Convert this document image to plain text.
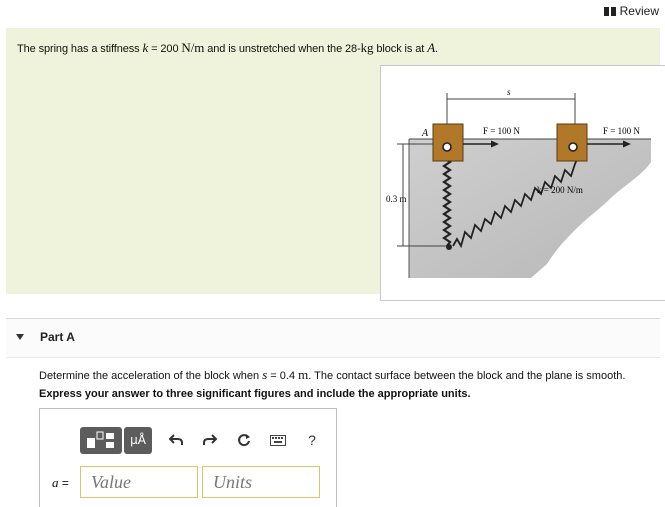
Review
The spring has a stiffness k = 200 N/m and is unstretched when the 28-kg block is at A.
0.3 m
s
k = 200 N/m
A	F = 100 N	F = 100 N
Part A
Determine the acceleration of the block when s = 0.4 m. The contact surface between the block and the plane is smooth.
Express your answer to three significant figures and include the appropriate units.
μÅ	?
a =	Value	Units
